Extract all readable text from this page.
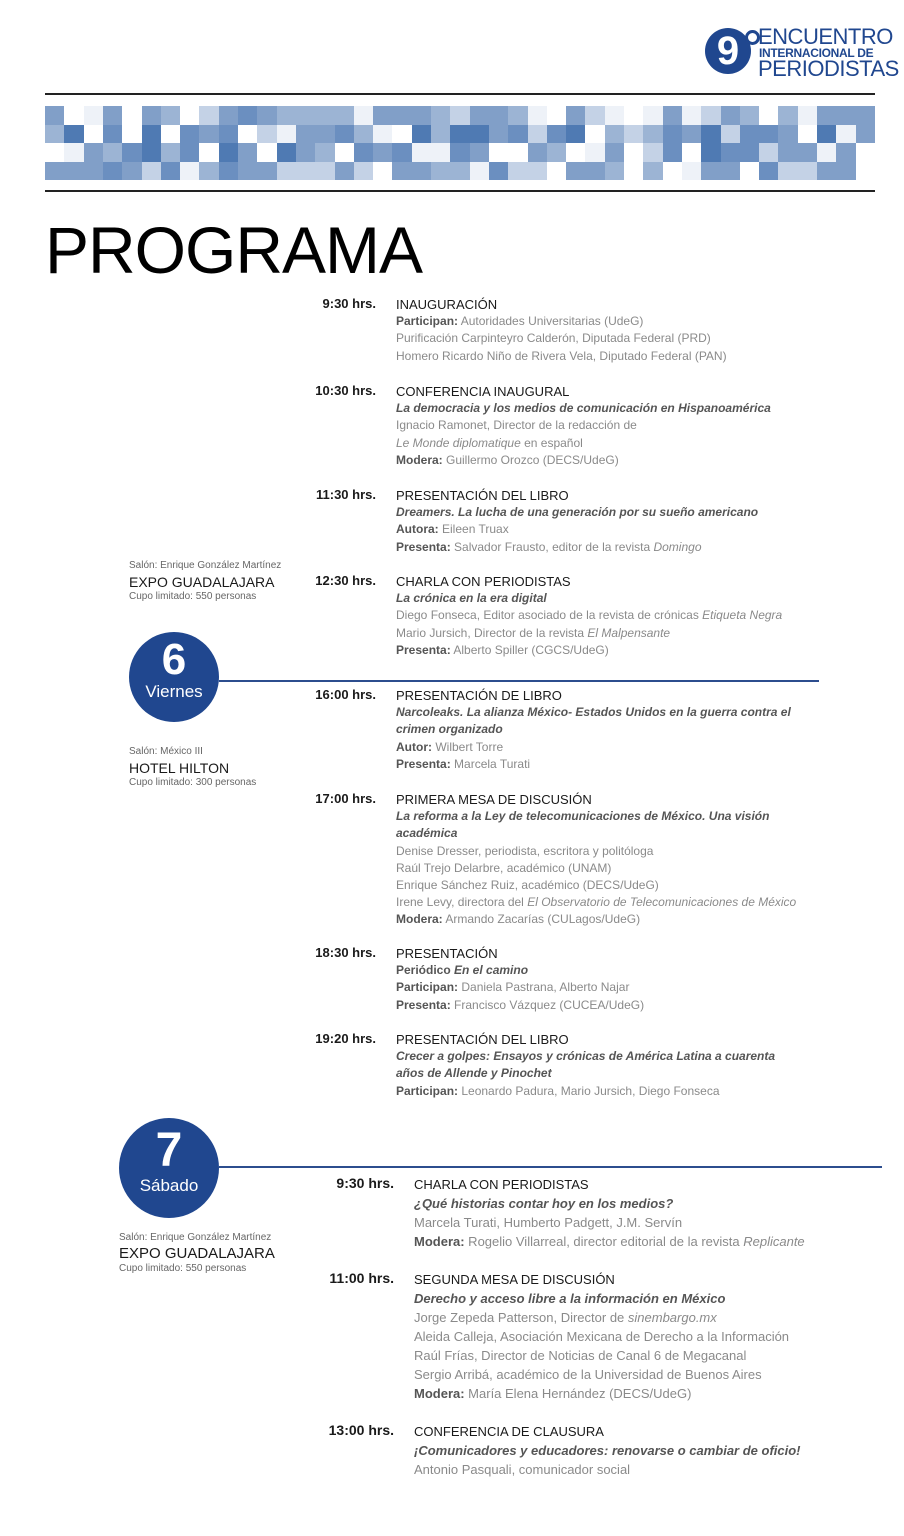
9 ENCUENTRO
INTERNACIONAL DE
PERIODISTAS
PROGRAMA
6
Viernes
7
Sábado
Salón: Enrique González Martínez
EXPO GUADALAJARA
Cupo limitado: 550 personas
Salón: México III
HOTEL HILTON
Cupo limitado: 300 personas
Salón: Enrique González Martínez
EXPO GUADALAJARA
Cupo limitado: 550 personas
9:30 hrs. INAUGURACIÓN
Participan: Autoridades Universitarias (UdeG)
Purificación Carpinteyro Calderón, Diputada Federal (PRD)
Homero Ricardo Niño de Rivera Vela, Diputado Federal (PAN)
10:30 hrs. CONFERENCIA INAUGURAL
La democracia y los medios de comunicación en Hispanoamérica
Ignacio Ramonet, Director de la redacción de
Le Monde diplomatique en español
Modera: Guillermo Orozco (DECS/UdeG)
11:30 hrs. PRESENTACIÓN DEL LIBRO
Dreamers. La lucha de una generación por su sueño americano
Autora: Eileen Truax
Presenta: Salvador Frausto, editor de la revista Domingo
12:30 hrs. CHARLA CON PERIODISTAS
La crónica en la era digital
Diego Fonseca, Editor asociado de la revista de crónicas Etiqueta Negra
Mario Jursich, Director de la revista El Malpensante
Presenta: Alberto Spiller (CGCS/UdeG)
16:00 hrs. PRESENTACIÓN DE LIBRO
Narcoleaks. La alianza México- Estados Unidos en la guerra contra el
crimen organizado
Autor: Wilbert Torre
Presenta: Marcela Turati
17:00 hrs. PRIMERA MESA DE DISCUSIÓN
La reforma a la Ley de telecomunicaciones de México. Una visión
académica
Denise Dresser, periodista, escritora y politóloga
Raúl Trejo Delarbre, académico (UNAM)
Enrique Sánchez Ruiz, académico (DECS/UdeG)
Irene Levy, directora del El Observatorio de Telecomunicaciones de México
Modera: Armando Zacarías (CULagos/UdeG)
18:30 hrs. PRESENTACIÓN
Periódico En el camino
Participan: Daniela Pastrana, Alberto Najar
Presenta: Francisco Vázquez (CUCEA/UdeG)
19:20 hrs. PRESENTACIÓN DEL LIBRO
Crecer a golpes: Ensayos y crónicas de América Latina a cuarenta
años de Allende y Pinochet
Participan: Leonardo Padura, Mario Jursich, Diego Fonseca
9:30 hrs. CHARLA CON PERIODISTAS
¿Qué historias contar hoy en los medios?
Marcela Turati, Humberto Padgett, J.M. Servín
Modera: Rogelio Villarreal, director editorial de la revista Replicante
11:00 hrs. SEGUNDA MESA DE DISCUSIÓN
Derecho y acceso libre a la información en México
Jorge Zepeda Patterson, Director de sinembargo.mx
Aleida Calleja, Asociación Mexicana de Derecho a la Información
Raúl Frías, Director de Noticias de Canal 6 de Megacanal
Sergio Arribá, académico de la Universidad de Buenos Aires
Modera: María Elena Hernández (DECS/UdeG)
13:00 hrs. CONFERENCIA DE CLAUSURA
¡Comunicadores y educadores: renovarse o cambiar de oficio!
Antonio Pasquali, comunicador social
